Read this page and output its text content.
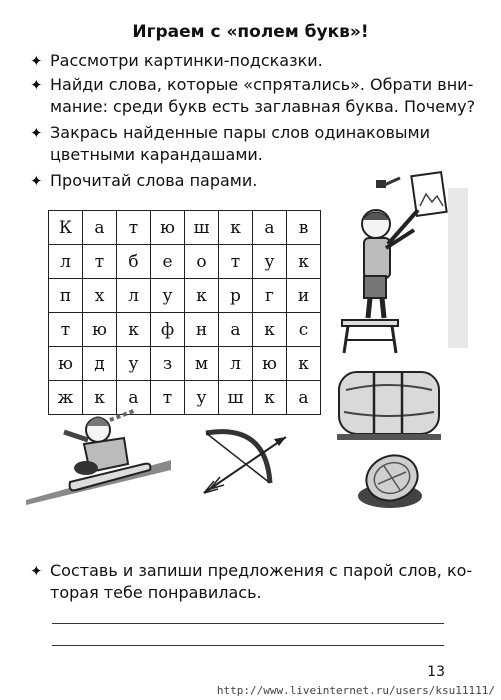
Играем с «полем букв»!
✦ Рассмотри картинки-подсказки.
✦ Найди слова, которые «спрятались». Обрати вни-
мание: среди букв есть заглавная буква. Почему?
✦ Закрась найденные пары слов одинаковыми
цветными карандашами.
✦ Прочитай слова парами.
К	а	т	ю	ш	к	а	в
л	т	б	е	о	т	у	к
п	х	л	у	к	р	г	и
т	ю	к	ф	н	а	к	с
ю	д	у	з	м	л	ю	к
ж	к	а	т	у	ш	к	а
✦ Составь и запиши предложения с парой слов, ко-
торая тебе понравилась.
13
http://www.liveinternet.ru/users/ksu11111/
